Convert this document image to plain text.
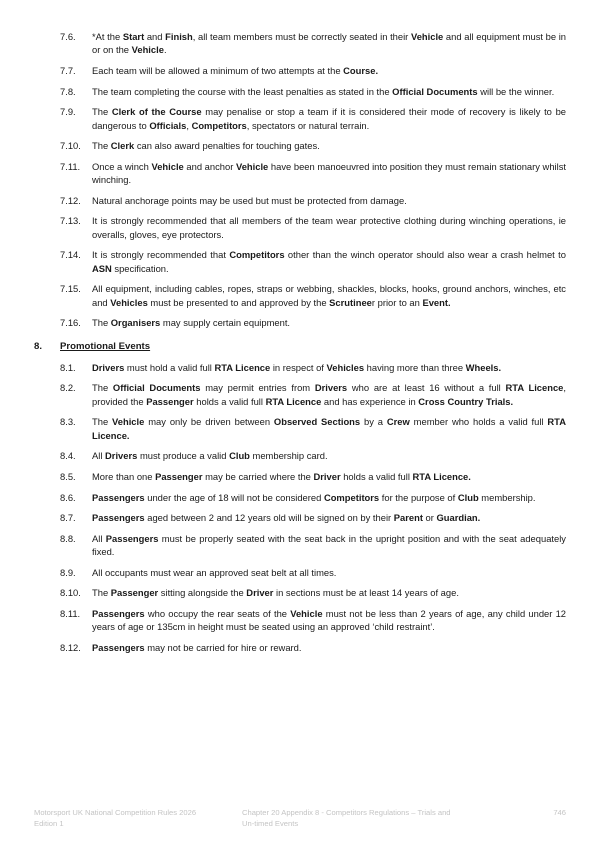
7.6. *At the Start and Finish, all team members must be correctly seated in their Vehicle and all equipment must be in or on the Vehicle.
7.7. Each team will be allowed a minimum of two attempts at the Course.
7.8. The team completing the course with the least penalties as stated in the Official Documents will be the winner.
7.9. The Clerk of the Course may penalise or stop a team if it is considered their mode of recovery is likely to be dangerous to Officials, Competitors, spectators or natural terrain.
7.10. The Clerk can also award penalties for touching gates.
7.11. Once a winch Vehicle and anchor Vehicle have been manoeuvred into position they must remain stationary whilst winching.
7.12. Natural anchorage points may be used but must be protected from damage.
7.13. It is strongly recommended that all members of the team wear protective clothing during winching operations, ie overalls, gloves, eye protectors.
7.14. It is strongly recommended that Competitors other than the winch operator should also wear a crash helmet to ASN specification.
7.15. All equipment, including cables, ropes, straps or webbing, shackles, blocks, hooks, ground anchors, winches, etc and Vehicles must be presented to and approved by the Scrutineer prior to an Event.
7.16. The Organisers may supply certain equipment.
8. Promotional Events
8.1. Drivers must hold a valid full RTA Licence in respect of Vehicles having more than three Wheels.
8.2. The Official Documents may permit entries from Drivers who are at least 16 without a full RTA Licence, provided the Passenger holds a valid full RTA Licence and has experience in Cross Country Trials.
8.3. The Vehicle may only be driven between Observed Sections by a Crew member who holds a valid full RTA Licence.
8.4. All Drivers must produce a valid Club membership card.
8.5. More than one Passenger may be carried where the Driver holds a valid full RTA Licence.
8.6. Passengers under the age of 18 will not be considered Competitors for the purpose of Club membership.
8.7. Passengers aged between 2 and 12 years old will be signed on by their Parent or Guardian.
8.8. All Passengers must be properly seated with the seat back in the upright position and with the seat adequately fixed.
8.9. All occupants must wear an approved seat belt at all times.
8.10. The Passenger sitting alongside the Driver in sections must be at least 14 years of age.
8.11. Passengers who occupy the rear seats of the Vehicle must not be less than 2 years of age, any child under 12 years of age or 135cm in height must be seated using an approved ‘child restraint’.
8.12. Passengers may not be carried for hire or reward.
Motorsport UK National Competition Rules 2026
Edition 1
Chapter 20 Appendix 8 - Competitors Regulations – Trials and
Un-timed Events
746
